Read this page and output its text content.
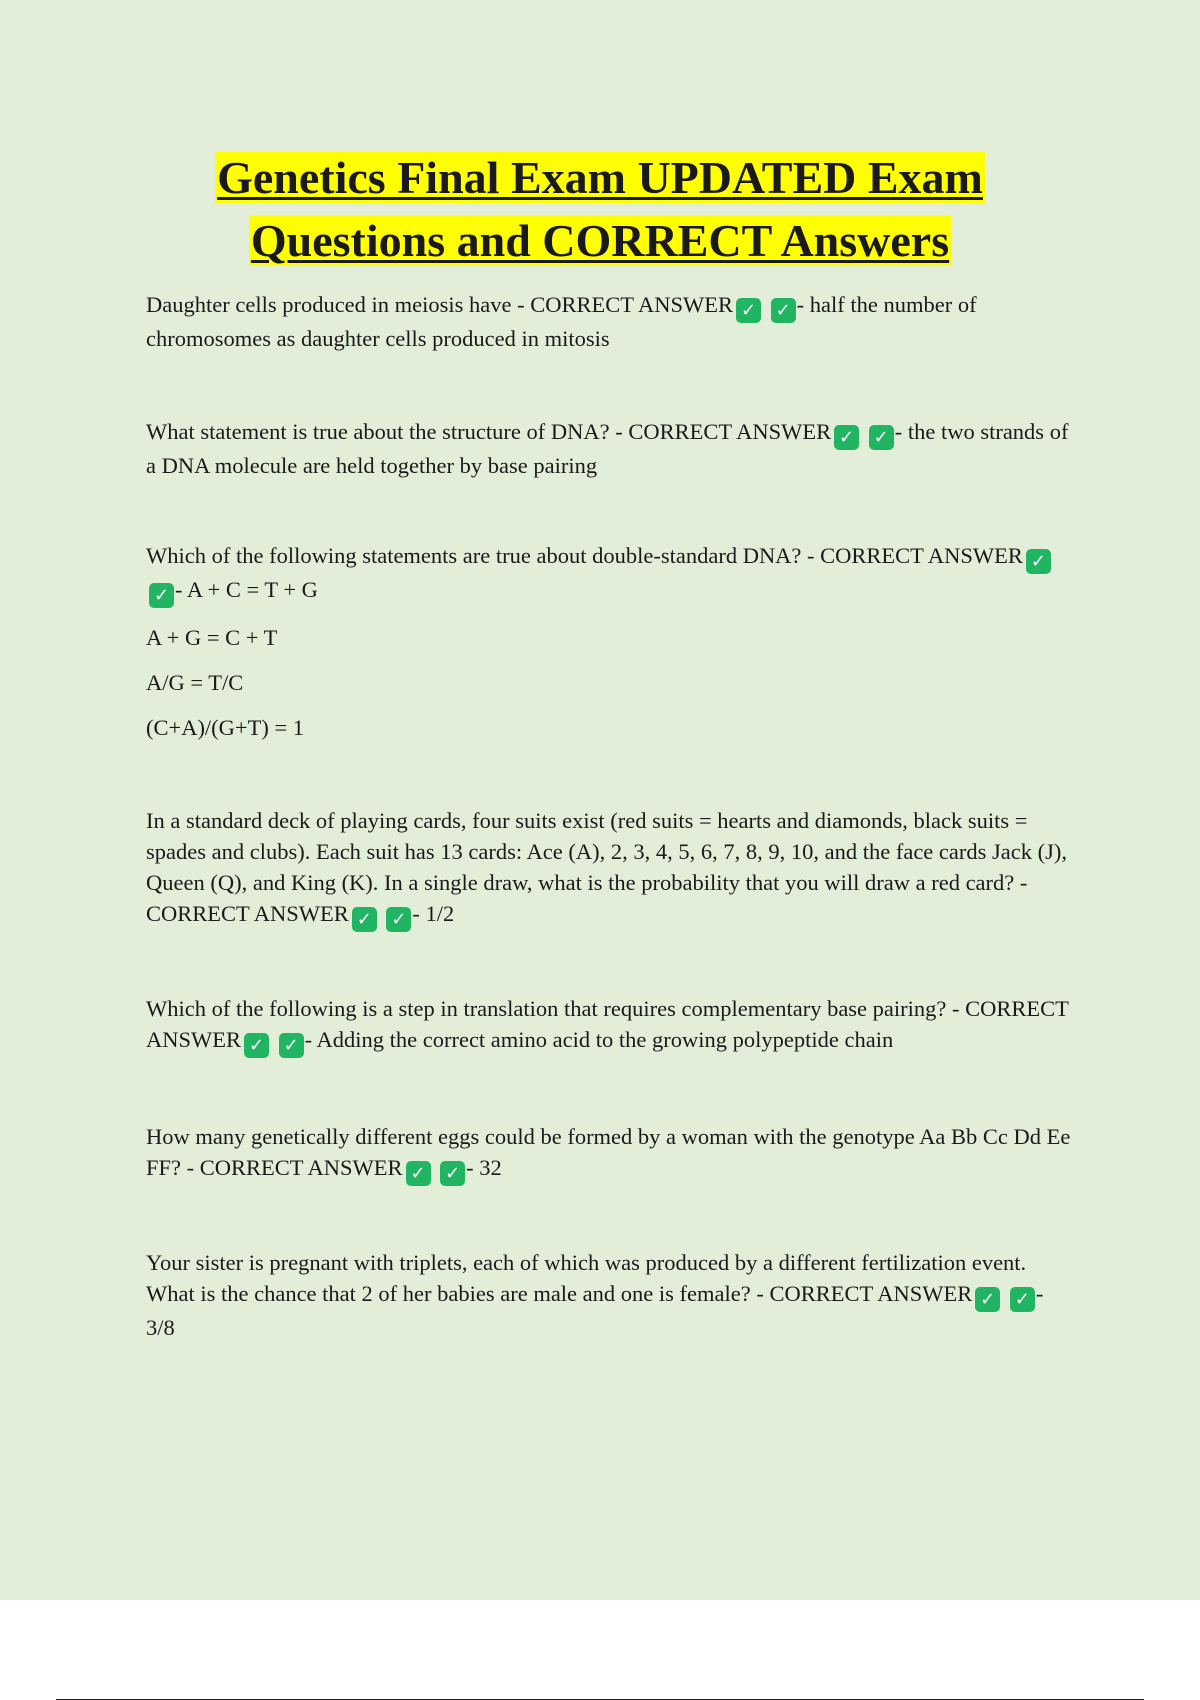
Genetics Final Exam UPDATED Exam
Questions and CORRECT Answers

Daughter cells produced in meiosis have - CORRECT ANSWER ✓ ✓ - half the number of chromosomes as daughter cells produced in mitosis

What statement is true about the structure of DNA? - CORRECT ANSWER ✓ ✓ - the two strands of a DNA molecule are held together by base pairing

Which of the following statements are true about double-standard DNA? - CORRECT ANSWER ✓ ✓ - A + C = T + G

A + G = C + T

A/G = T/C

(C+A)/(G+T) = 1

In a standard deck of playing cards, four suits exist (red suits = hearts and diamonds, black suits = spades and clubs). Each suit has 13 cards: Ace (A), 2, 3, 4, 5, 6, 7, 8, 9, 10, and the face cards Jack (J), Queen (Q), and King (K). In a single draw, what is the probability that you will draw a red card? - CORRECT ANSWER ✓ ✓ - 1/2

Which of the following is a step in translation that requires complementary base pairing? - CORRECT ANSWER ✓ ✓ - Adding the correct amino acid to the growing polypeptide chain

How many genetically different eggs could be formed by a woman with the genotype Aa Bb Cc Dd Ee FF? - CORRECT ANSWER ✓ ✓ - 32

Your sister is pregnant with triplets, each of which was produced by a different fertilization event. What is the chance that 2 of her babies are male and one is female? - CORRECT ANSWER ✓ ✓ - 3/8
